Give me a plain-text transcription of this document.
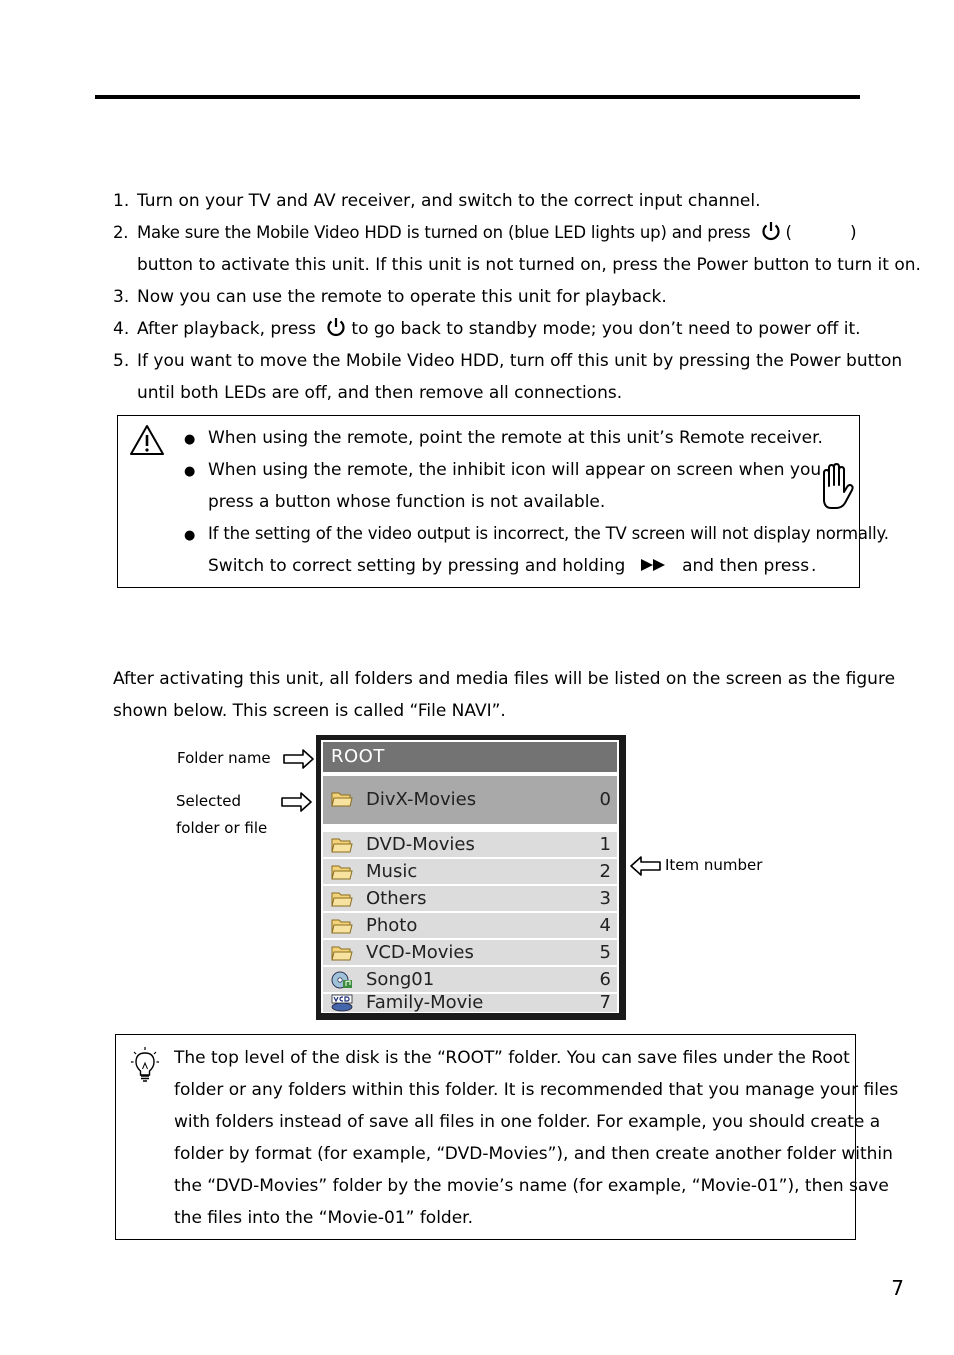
1. Turn on your TV and AV receiver, and switch to the correct input channel.
2. Make sure the Mobile Video HDD is turned on (blue LED lights up) and press (	)
button to activate this unit. If this unit is not turned on, press the Power button to turn it on.
3. Now you can use the remote to operate this unit for playback.
4. After playback, press to go back to standby mode; you don’t need to power off it.
5. If you want to move the Mobile Video HDD, turn off this unit by pressing the Power button
until both LEDs are off, and then remove all connections.
● When using the remote, point the remote at this unit’s Remote receiver.
● When using the remote, the inhibit icon will appear on screen when you
press a button whose function is not available.
● If the setting of the video output is incorrect, the TV screen will not display normally.
Switch to correct setting by pressing and holding	and then press .
After activating this unit, all folders and media files will be listed on the screen as the figure
shown below. This screen is called “File NAVI”.
Folder name
Selected
folder or file
Item number
ROOT
DivX-Movies	0
DVD-Movies	1
Music	2
Others	3
Photo	4
VCD-Movies	5
Song01	6
Family-Movie	7
The top level of the disk is the “ROOT” folder. You can save files under the Root
folder or any folders within this folder. It is recommended that you manage your files
with folders instead of save all files in one folder. For example, you should create a
folder by format (for example, “DVD-Movies”), and then create another folder within
the “DVD-Movies” folder by the movie’s name (for example, “Movie-01”), then save
the files into the “Movie-01” folder.
7
